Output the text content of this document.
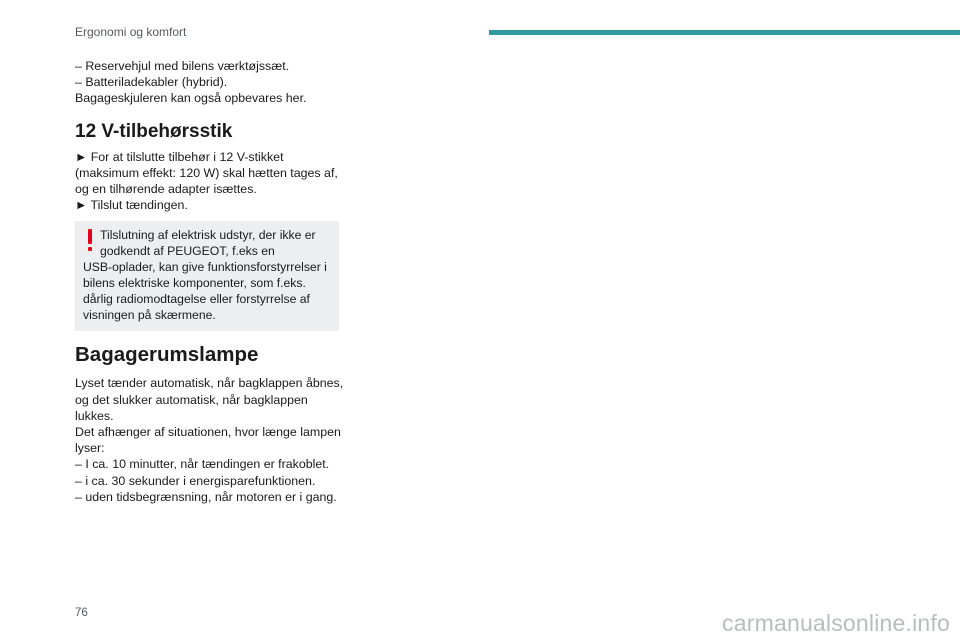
Ergonomi og komfort

– Reservehjul med bilens værktøjssæt.

– Batteriladekabler (hybrid).

Bagageskjuleren kan også opbevares her.

12 V-tilbehørsstik

► For at tilslutte tilbehør i 12 V-stikket

(maksimum effekt: 120 W) skal hætten tages af,

og en tilhørende adapter isættes.

► Tilslut tændingen.

Tilslutning af elektrisk udstyr, der ikke er

godkendt af PEUGEOT, f.eks en

USB-oplader, kan give funktionsforstyrrelser i

bilens elektriske komponenter, som f.eks.

dårlig radiomodtagelse eller forstyrrelse af

visningen på skærmene.

Bagagerumslampe

Lyset tænder automatisk, når bagklappen åbnes,

og det slukker automatisk, når bagklappen

lukkes.

Det afhænger af situationen, hvor længe lampen

lyser:

– I ca. 10 minutter, når tændingen er frakoblet.

– i ca. 30 sekunder i energisparefunktionen.

– uden tidsbegrænsning, når motoren er i gang.

76	carmanualsonline.info
